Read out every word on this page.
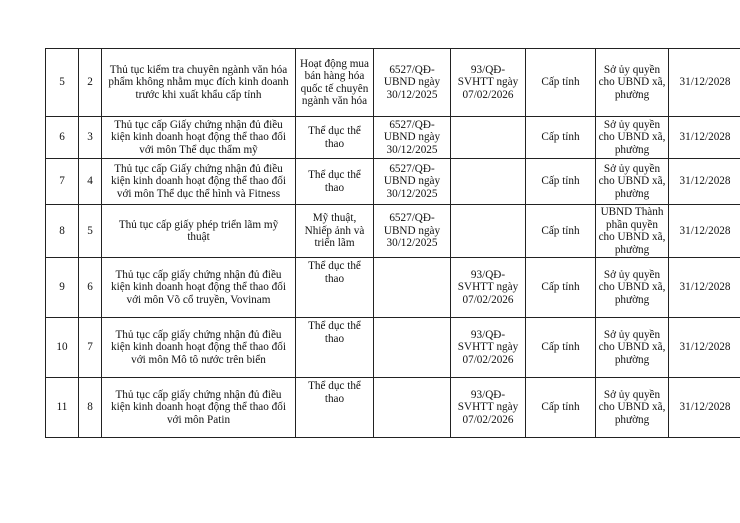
5	2	Thủ tục kiểm tra chuyên ngành văn hóa phẩm không nhằm mục đích kinh doanh trước khi xuất khẩu cấp tỉnh	Hoạt động mua bán hàng hóa quốc tế chuyên ngành văn hóa	6527/QĐ-UBND ngày 30/12/2025	93/QĐ-SVHTT ngày 07/02/2026	Cấp tỉnh	Sở ủy quyền cho UBND xã, phường	31/12/2028
6	3	Thủ tục cấp Giấy chứng nhận đủ điều kiện kinh doanh hoạt động thể thao đối với môn Thể dục thẩm mỹ	Thể dục thể thao	6527/QĐ-UBND ngày 30/12/2025		Cấp tỉnh	Sở ủy quyền cho UBND xã, phường	31/12/2028
7	4	Thủ tục cấp Giấy chứng nhận đủ điều kiện kinh doanh hoạt động thể thao đối với môn Thể dục thể hình và Fitness	Thể dục thể thao	6527/QĐ-UBND ngày 30/12/2025		Cấp tỉnh	Sở ủy quyền cho UBND xã, phường	31/12/2028
8	5	Thủ tục cấp giấy phép triển lãm mỹ thuật	Mỹ thuật, Nhiếp ảnh và triển lãm	6527/QĐ-UBND ngày 30/12/2025		Cấp tỉnh	UBND Thành phần quyền cho UBND xã, phường	31/12/2028
9	6	Thủ tục cấp giấy chứng nhận đủ điều kiện kinh doanh hoạt động thể thao đối với môn Võ cổ truyền, Vovinam	Thể dục thể thao		93/QĐ-SVHTT ngày 07/02/2026	Cấp tỉnh	Sở ủy quyền cho UBND xã, phường	31/12/2028
10	7	Thủ tục cấp giấy chứng nhận đủ điều kiện kinh doanh hoạt động thể thao đối với môn Mô tô nước trên biển	Thể dục thể thao		93/QĐ-SVHTT ngày 07/02/2026	Cấp tỉnh	Sở ủy quyền cho UBND xã, phường	31/12/2028
11	8	Thủ tục cấp giấy chứng nhận đủ điều kiện kinh doanh hoạt động thể thao đối với môn Patin	Thể dục thể thao		93/QĐ-SVHTT ngày 07/02/2026	Cấp tỉnh	Sở ủy quyền cho UBND xã, phường	31/12/2028
